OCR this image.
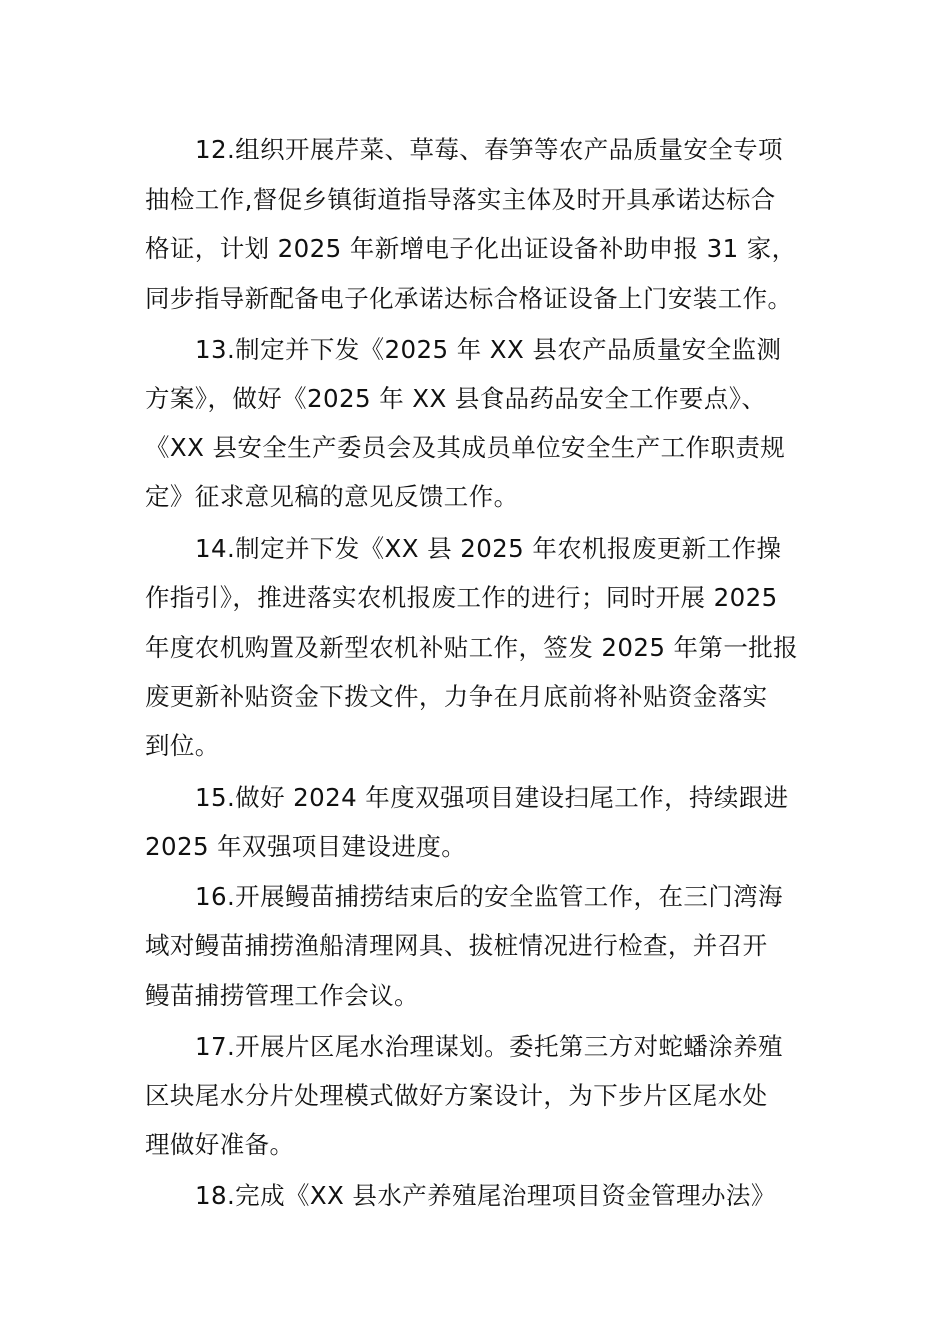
12.组织开展芹菜、草莓、春笋等农产品质量安全专项
抽检工作,督促乡镇街道指导落实主体及时开具承诺达标合
格证，计划 2025 年新增电子化出证设备补助申报 31 家，
同步指导新配备电子化承诺达标合格证设备上门安装工作。
13.制定并下发《2025 年 XX 县农产品质量安全监测
方案》，做好《2025 年 XX 县食品药品安全工作要点》、
《XX 县安全生产委员会及其成员单位安全生产工作职责规
定》征求意见稿的意见反馈工作。
14.制定并下发《XX 县 2025 年农机报废更新工作操
作指引》，推进落实农机报废工作的进行；同时开展 2025
年度农机购置及新型农机补贴工作，签发 2025 年第一批报
废更新补贴资金下拨文件，力争在月底前将补贴资金落实
到位。
15.做好 2024 年度双强项目建设扫尾工作，持续跟进
2025 年双强项目建设进度。
16.开展鳗苗捕捞结束后的安全监管工作，在三门湾海
域对鳗苗捕捞渔船清理网具、拔桩情况进行检查，并召开
鳗苗捕捞管理工作会议。
17.开展片区尾水治理谋划。委托第三方对蛇蟠涂养殖
区块尾水分片处理模式做好方案设计，为下步片区尾水处
理做好准备。
18.完成《XX 县水产养殖尾治理项目资金管理办法》
